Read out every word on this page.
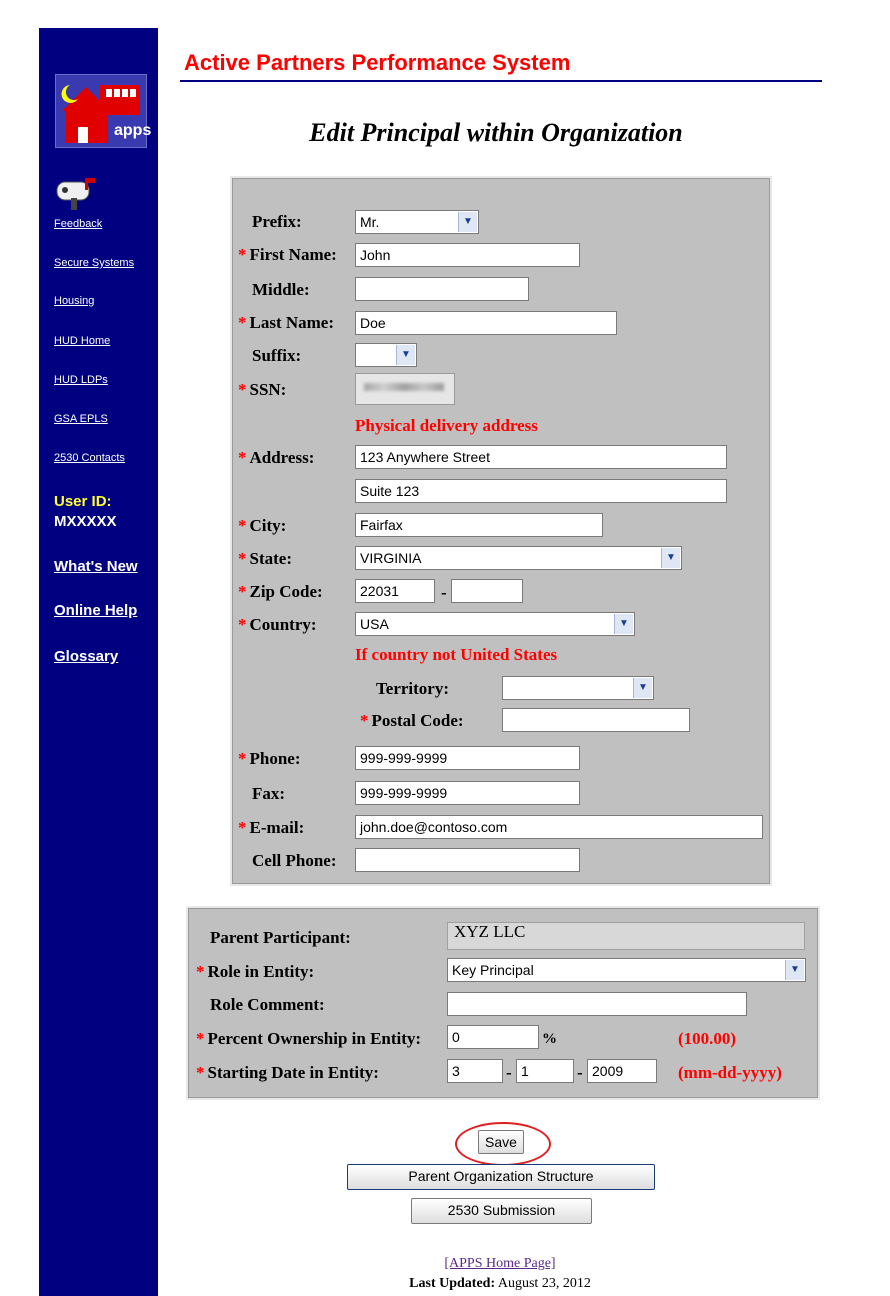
apps
Feedback
Secure Systems
Housing
HUD Home
HUD LDPs
GSA EPLS
2530 Contacts
User ID:
MXXXXX
What's New
Online Help
Glossary
Active Partners Performance System
Edit Principal within Organization
Prefix:	Mr.	▼
* First Name:	John
Middle:
* Last Name:	Doe
Suffix:	▼
* SSN:
Physical delivery address
* Address:	123 Anywhere Street
Suite 123
* City:	Fairfax
* State:	VIRGINIA	▼
* Zip Code:	22031	-
* Country:	USA	▼
If country not United States
Territory:	▼
* Postal Code:
* Phone:	999-999-9999
Fax:	999-999-9999
* E-mail:	john.doe@contoso.com
Cell Phone:
Parent Participant:	XYZ LLC
* Role in Entity:	Key Principal	▼
Role Comment:
* Percent Ownership in Entity:	0	%	(100.00)
* Starting Date in Entity:	3	- 1	- 2009	(mm-dd-yyyy)
Save
Parent Organization Structure
2530 Submission
[APPS Home Page]
Last Updated: August 23, 2012
